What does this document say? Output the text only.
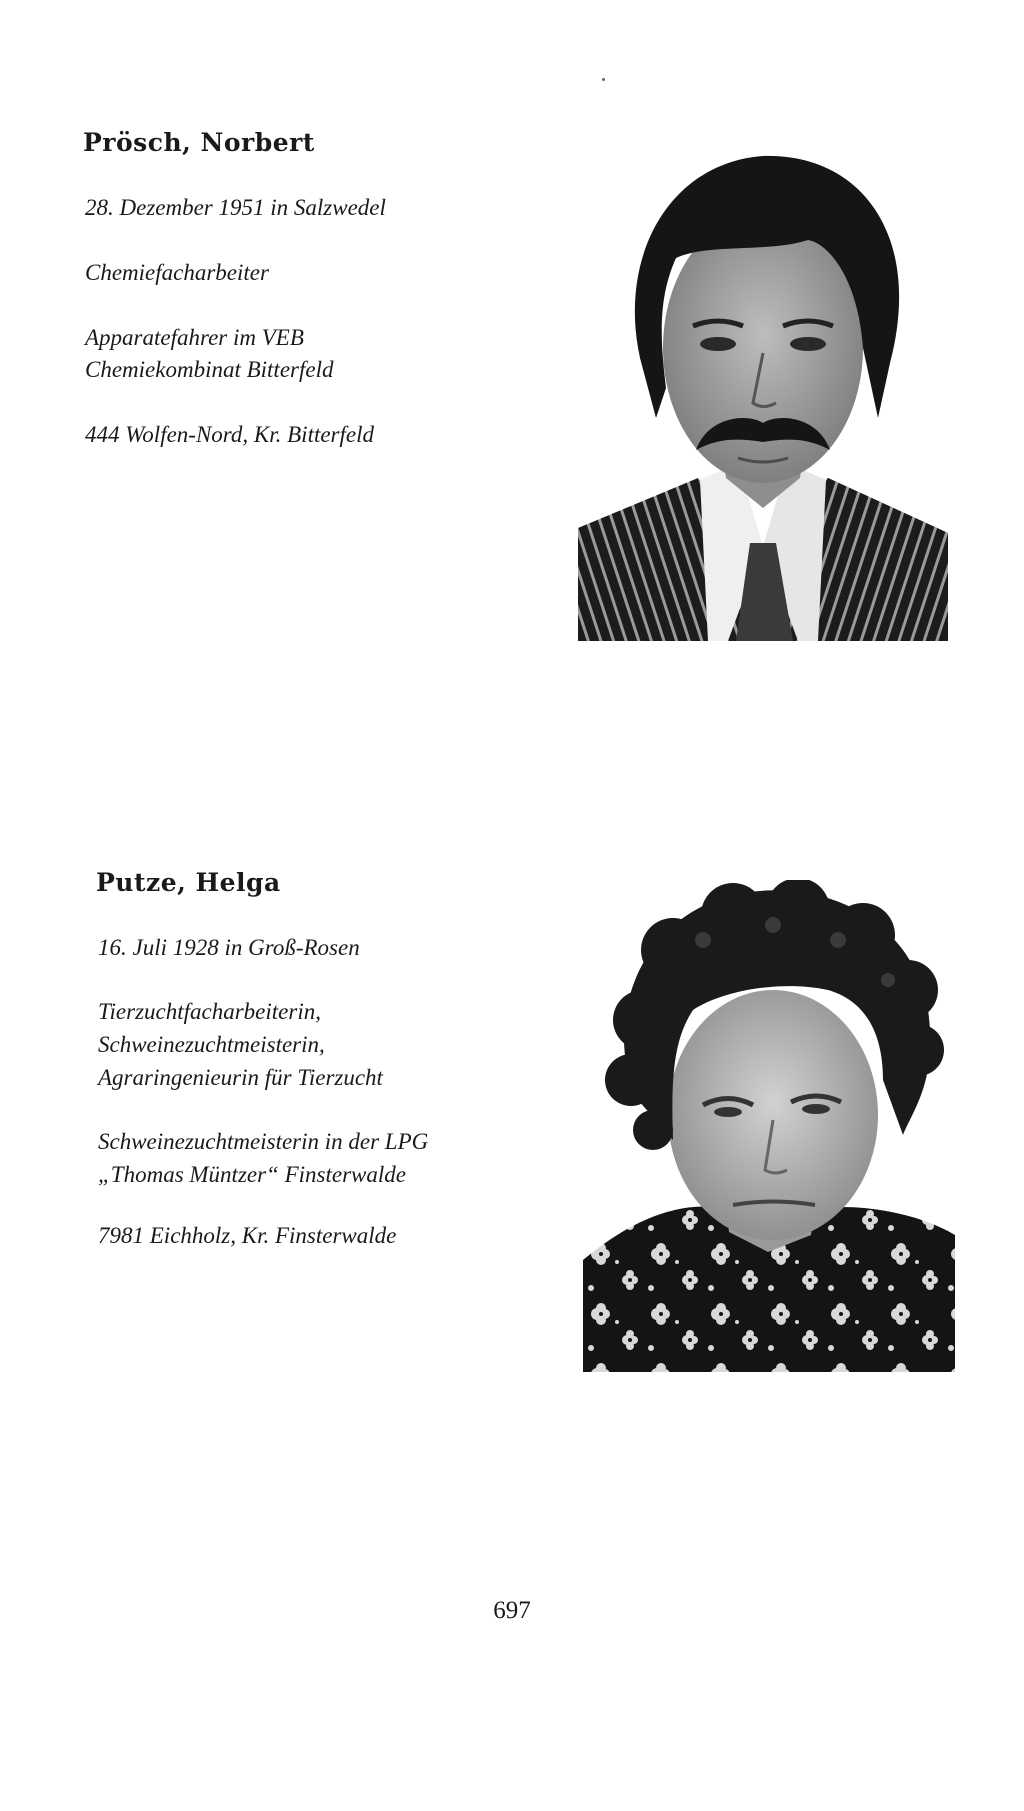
Prösch, Norbert
28. Dezember 1951 in Salzwedel
Chemiefacharbeiter
Apparatefahrer im VEB
Chemiekombinat Bitterfeld
444 Wolfen-Nord, Kr. Bitterfeld
Putze, Helga
16. Juli 1928 in Groß-Rosen
Tierzuchtfacharbeiterin,
Schweinezuchtmeisterin,
Agraringenieurin für Tierzucht
Schweinezuchtmeisterin in der LPG
„Thomas Müntzer“ Finsterwalde
7981 Eichholz, Kr. Finsterwalde
697
